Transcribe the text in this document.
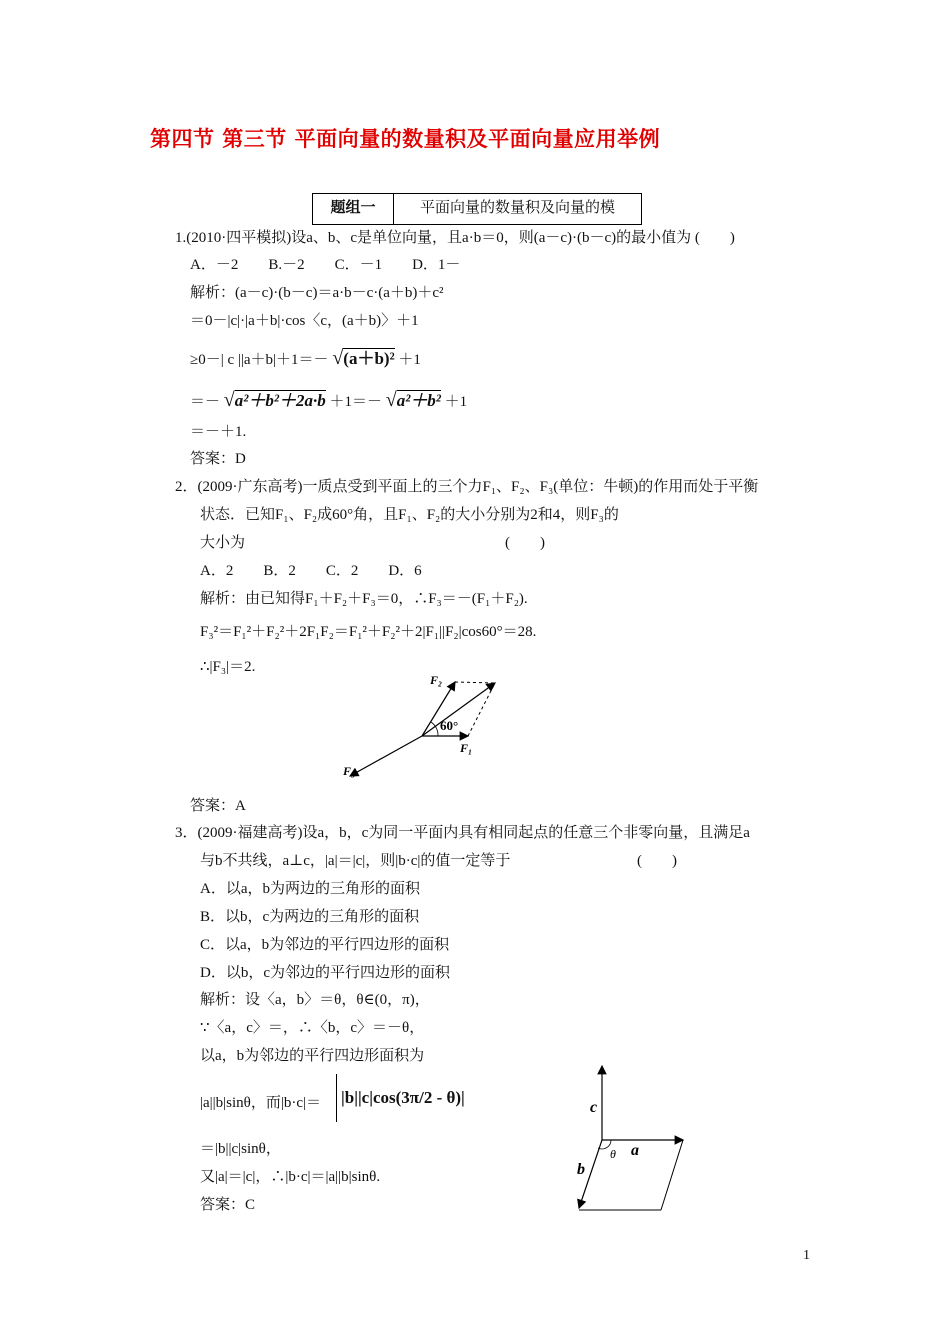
第四节 第三节 平面向量的数量积及平面向量应用举例
题组一	平面向量的数量积及向量的模
1.(2010·四平模拟)设a、b、c是单位向量，且a·b＝0，则(a－c)·(b－c)的最小值为 (　　)
A．－2　　B.－2　　C．－1　　D．1－
解析：(a－c)·(b－c)＝a·b－c·(a＋b)＋c²
＝0－|c|·|a＋b|·cos〈c，(a＋b)〉＋1
≥0－| c ||a＋b|＋1＝－ √(a＋b)² ＋1
＝－ √a²＋b²＋2a·b ＋1＝－ √a²＋b² ＋1
＝－＋1.
答案：D
2．(2009·广东高考)一质点受到平面上的三个力F₁、F₂、F₃(单位：牛顿)的作用而处于平衡
状态．已知F₁、F₂成60°角，且F₁、F₂的大小分别为2和4，则F₃的
大小为	(　　)
A．2　　B．2　　C．2　　D．6
解析：由已知得F₁＋F₂＋F₃＝0，∴F₃＝－(F₁＋F₂).
F₃²＝F₁²＋F₂²＋2F₁F₂＝F₁²＋F₂²＋2|F₁||F₂|cos60°＝28.
∴|F₃|＝2.
F₂
60°
F₁
F₃
答案：A
3．(2009·福建高考)设a，b，c为同一平面内具有相同起点的任意三个非零向量，且满足a
与b不共线，a⊥c，|a|＝|c|，则|b·c|的值一定等于	(　　)
A．以a，b为两边的三角形的面积
B．以b，c为两边的三角形的面积
C．以a，b为邻边的平行四边形的面积
D．以b，c为邻边的平行四边形的面积
解析：设〈a，b〉＝θ，θ∈(0，π)，
∵〈a，c〉＝，∴〈b，c〉＝－θ，
以a，b为邻边的平行四边形面积为
|a||b|sinθ，而|b·c|＝ |b||c|cos(3π/2 - θ)|
＝|b||c|sinθ，
又|a|＝|c|，∴|b·c|＝|a||b|sinθ.
答案：C
c
a
θ
b
1
